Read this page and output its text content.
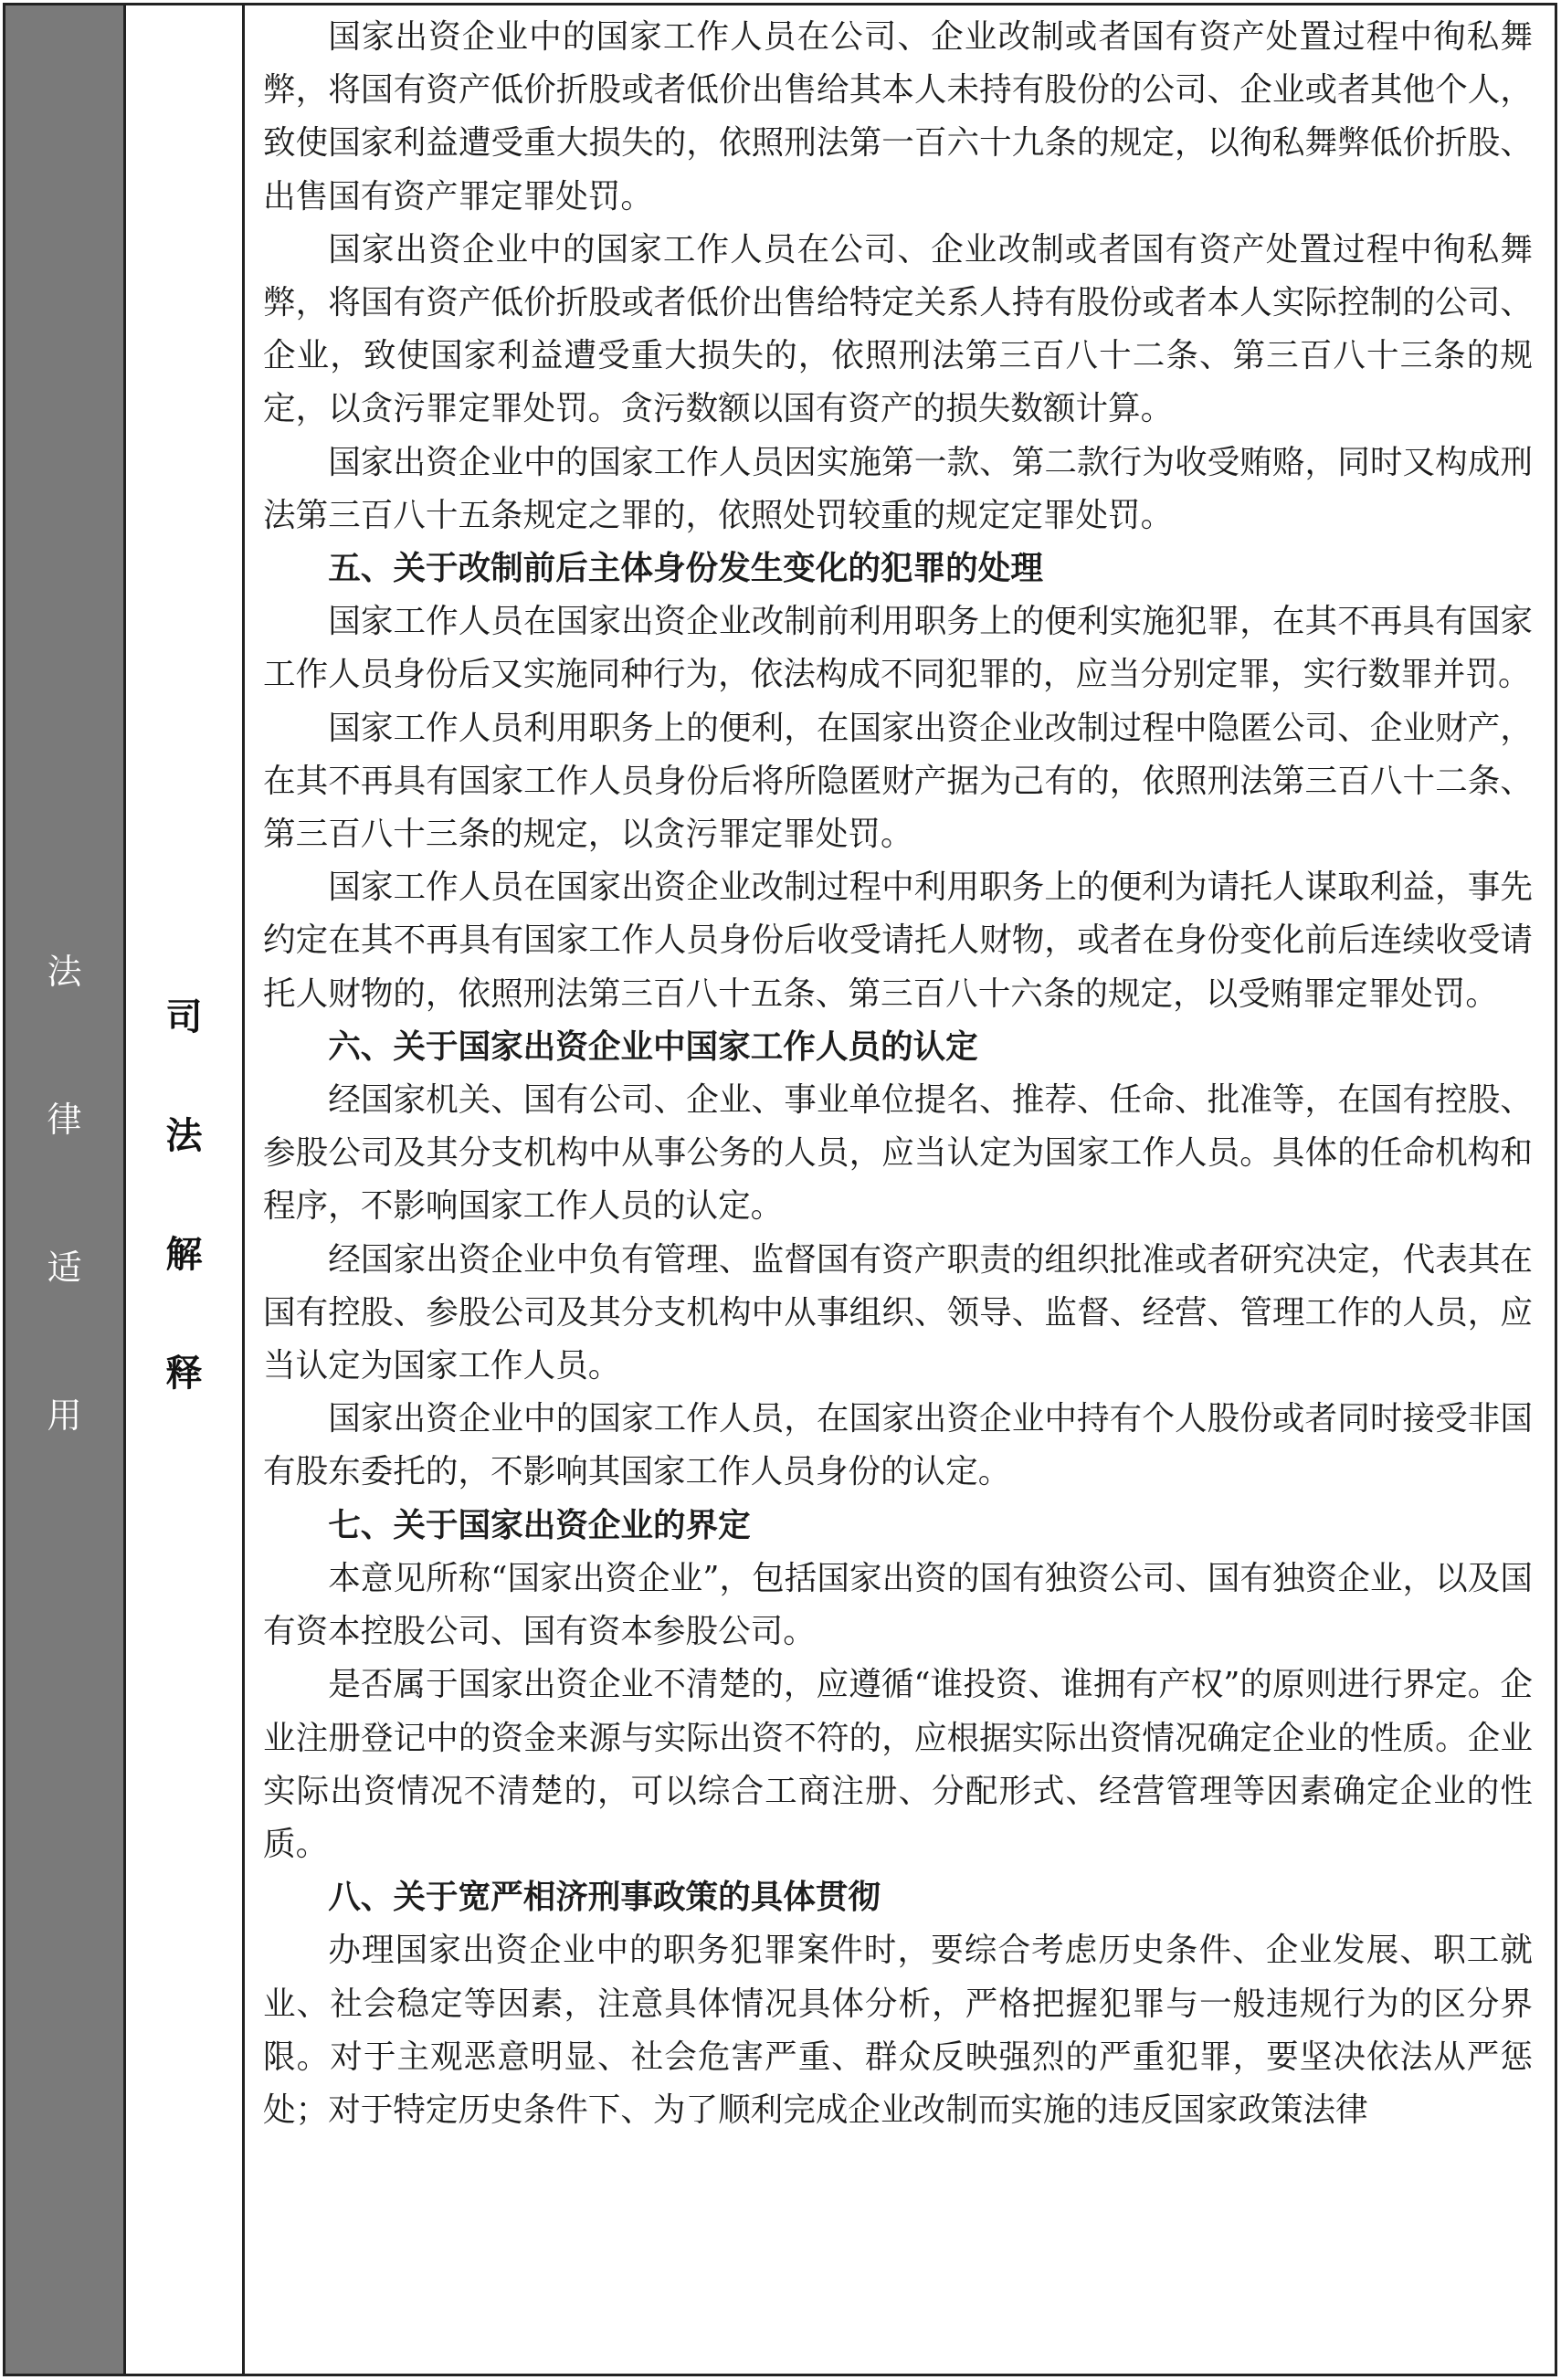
法
律
适
用
司
法
解
释

国家出资企业中的国家工作人员在公司、企业改制或者国有资产处置过程中徇私舞弊，将国有资产低价折股或者低价出售给其本人未持有股份的公司、企业或者其他个人，致使国家利益遭受重大损失的，依照刑法第一百六十九条的规定，以徇私舞弊低价折股、出售国有资产罪定罪处罚。

国家出资企业中的国家工作人员在公司、企业改制或者国有资产处置过程中徇私舞弊，将国有资产低价折股或者低价出售给特定关系人持有股份或者本人实际控制的公司、企业，致使国家利益遭受重大损失的，依照刑法第三百八十二条、第三百八十三条的规定，以贪污罪定罪处罚。贪污数额以国有资产的损失数额计算。

国家出资企业中的国家工作人员因实施第一款、第二款行为收受贿赂，同时又构成刑法第三百八十五条规定之罪的，依照处罚较重的规定定罪处罚。

五、关于改制前后主体身份发生变化的犯罪的处理

国家工作人员在国家出资企业改制前利用职务上的便利实施犯罪，在其不再具有国家工作人员身份后又实施同种行为，依法构成不同犯罪的，应当分别定罪，实行数罪并罚。

国家工作人员利用职务上的便利，在国家出资企业改制过程中隐匿公司、企业财产，在其不再具有国家工作人员身份后将所隐匿财产据为己有的，依照刑法第三百八十二条、第三百八十三条的规定，以贪污罪定罪处罚。

国家工作人员在国家出资企业改制过程中利用职务上的便利为请托人谋取利益，事先约定在其不再具有国家工作人员身份后收受请托人财物，或者在身份变化前后连续收受请托人财物的，依照刑法第三百八十五条、第三百八十六条的规定，以受贿罪定罪处罚。

六、关于国家出资企业中国家工作人员的认定

经国家机关、国有公司、企业、事业单位提名、推荐、任命、批准等，在国有控股、参股公司及其分支机构中从事公务的人员，应当认定为国家工作人员。具体的任命机构和程序，不影响国家工作人员的认定。

经国家出资企业中负有管理、监督国有资产职责的组织批准或者研究决定，代表其在国有控股、参股公司及其分支机构中从事组织、领导、监督、经营、管理工作的人员，应当认定为国家工作人员。

国家出资企业中的国家工作人员，在国家出资企业中持有个人股份或者同时接受非国有股东委托的，不影响其国家工作人员身份的认定。

七、关于国家出资企业的界定

本意见所称“国家出资企业”，包括国家出资的国有独资公司、国有独资企业，以及国有资本控股公司、国有资本参股公司。

是否属于国家出资企业不清楚的，应遵循“谁投资、谁拥有产权”的原则进行界定。企业注册登记中的资金来源与实际出资不符的，应根据实际出资情况确定企业的性质。企业实际出资情况不清楚的，可以综合工商注册、分配形式、经营管理等因素确定企业的性质。

八、关于宽严相济刑事政策的具体贯彻

办理国家出资企业中的职务犯罪案件时，要综合考虑历史条件、企业发展、职工就业、社会稳定等因素，注意具体情况具体分析，严格把握犯罪与一般违规行为的区分界限。对于主观恶意明显、社会危害严重、群众反映强烈的严重犯罪，要坚决依法从严惩处；对于特定历史条件下、为了顺利完成企业改制而实施的违反国家政策法律
